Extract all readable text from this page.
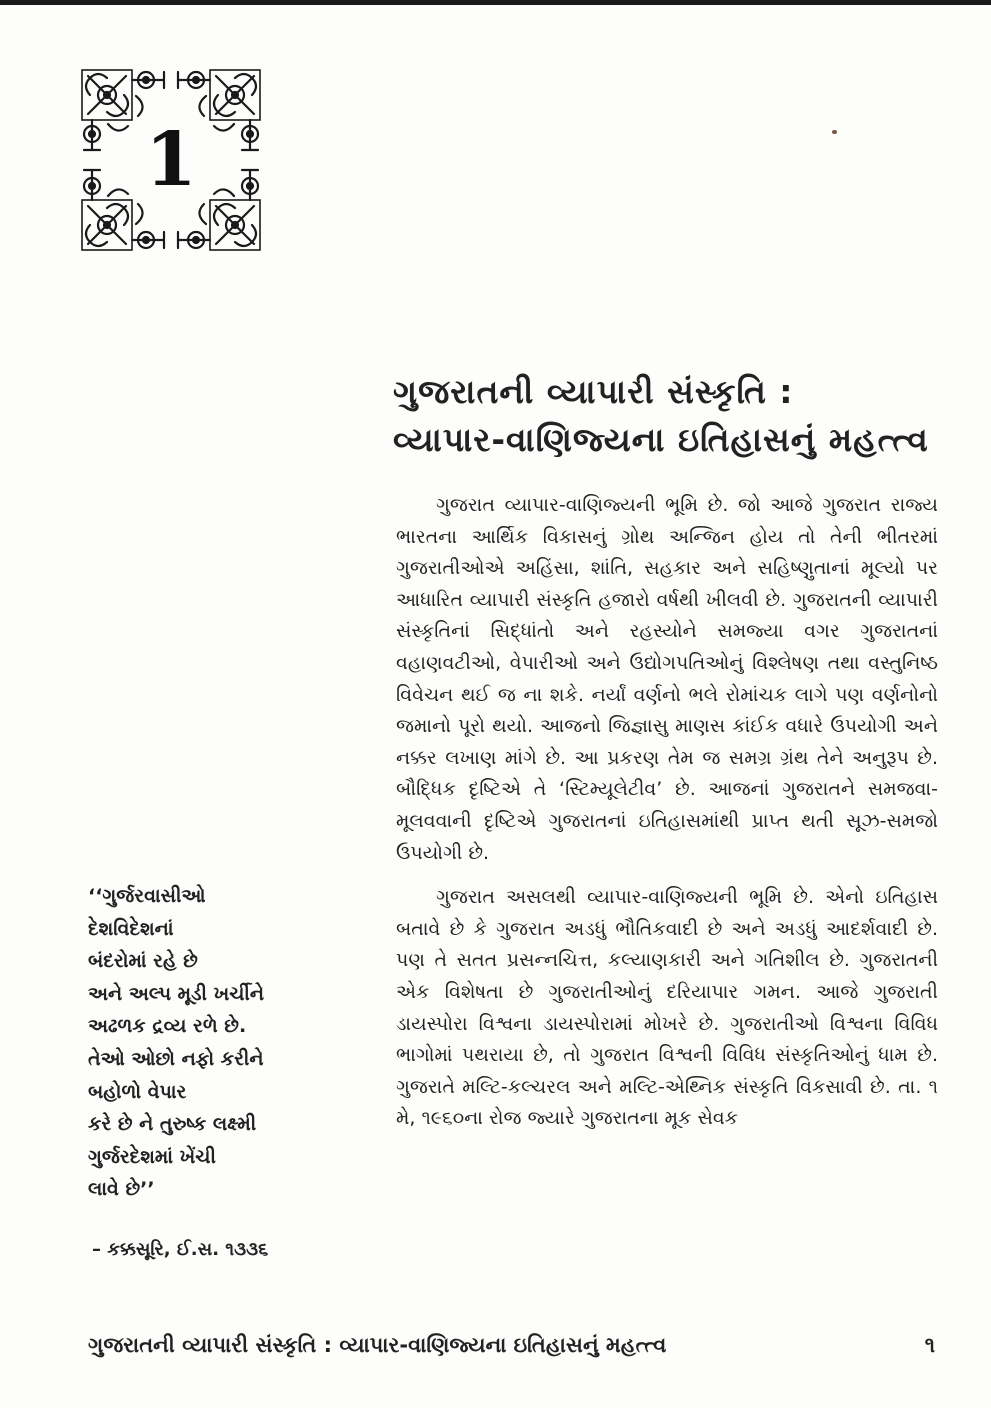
1
ગુજરાતની વ્યાપારી સંસ્કૃતિ :
વ્યાપાર-વાણિજ્યના ઇતિહાસનું મહત્ત્વ

ગુજરાત વ્યાપાર-વાણિજ્યની ભૂમિ છે. જો આજે ગુજરાત રાજ્ય ભારતના આર્થિક વિકાસનું ગ્રોથ અન્જિન હોય તો તેની ભીતરમાં ગુજરાતીઓએ અહિંસા, શાંતિ, સહકાર અને સહિષ્ણુતાનાં મૂલ્યો પર આધારિત વ્યાપારી સંસ્કૃતિ હજારો વર્ષથી ખીલવી છે. ગુજરાતની વ્યાપારી સંસ્કૃતિનાં સિદ્ધાંતો અને રહસ્યોને સમજ્યા વગર ગુજરાતનાં વહાણવટીઓ, વેપારીઓ અને ઉદ્યોગપતિઓનું વિશ્લેષણ તથા વસ્તુનિષ્ઠ વિવેચન થઈ જ ના શકે. નર્યાં વર્ણનો ભલે રોમાંચક લાગે પણ વર્ણનોનો જમાનો પૂરો થયો. આજનો જિજ્ઞાસુ માણસ કાંઈક વધારે ઉપયોગી અને નક્કર લખાણ માંગે છે. આ પ્રકરણ તેમ જ સમગ્ર ગ્રંથ તેને અનુરૂપ છે. બૌદ્ધિક દૃષ્ટિએ તે ‘સ્ટિમ્યૂલેટીવ’ છે. આજનાં ગુજરાતને સમજવા-મૂલવવાની દૃષ્ટિએ ગુજરાતનાં ઇતિહાસમાંથી પ્રાપ્ત થતી સૂઝ-સમજો ઉપયોગી છે.

ગુજરાત અસલથી વ્યાપાર-વાણિજ્યની ભૂમિ છે. એનો ઇતિહાસ બતાવે છે કે ગુજરાત અડધું ભૌતિકવાદી છે અને અડધું આદર્શવાદી છે. પણ તે સતત પ્રસન્નચિત્ત, કલ્યાણકારી અને ગતિશીલ છે. ગુજરાતની એક વિશેષતા છે ગુજરાતીઓનું દરિયાપાર ગમન. આજે ગુજરાતી ડાયસ્પોરા વિશ્વના ડાયસ્પોરામાં મોખરે છે. ગુજરાતીઓ વિશ્વના વિવિધ ભાગોમાં પથરાયા છે, તો ગુજરાત વિશ્વની વિવિધ સંસ્કૃતિઓનું ધામ છે. ગુજરાતે મલ્ટિ-કલ્ચરલ અને મલ્ટિ-એથ્નિક સંસ્કૃતિ વિકસાવી છે. તા. ૧ મે, ૧૯૬૦ના રોજ જ્યારે ગુજરાતના મૂક સેવક

‘‘ગુર્જરવાસીઓ
દેશવિદેશનાં
બંદરોમાં રહે છે
અને અલ્પ મૂડી ખર્ચીને
અઢળક દ્રવ્ય રળે છે.
તેઓ ઓછો નફો કરીને
બહોળો વેપાર
કરે છે ને તુરુષ્ક લક્ષ્મી
ગુર્જરદેશમાં ખેંચી
લાવે છે’’
– કક્કસૂરિ, ઈ.સ. ૧૩૩૬
ગુજરાતની વ્યાપારી સંસ્કૃતિ : વ્યાપાર-વાણિજ્યના ઇતિહાસનું મહત્ત્વ	૧
